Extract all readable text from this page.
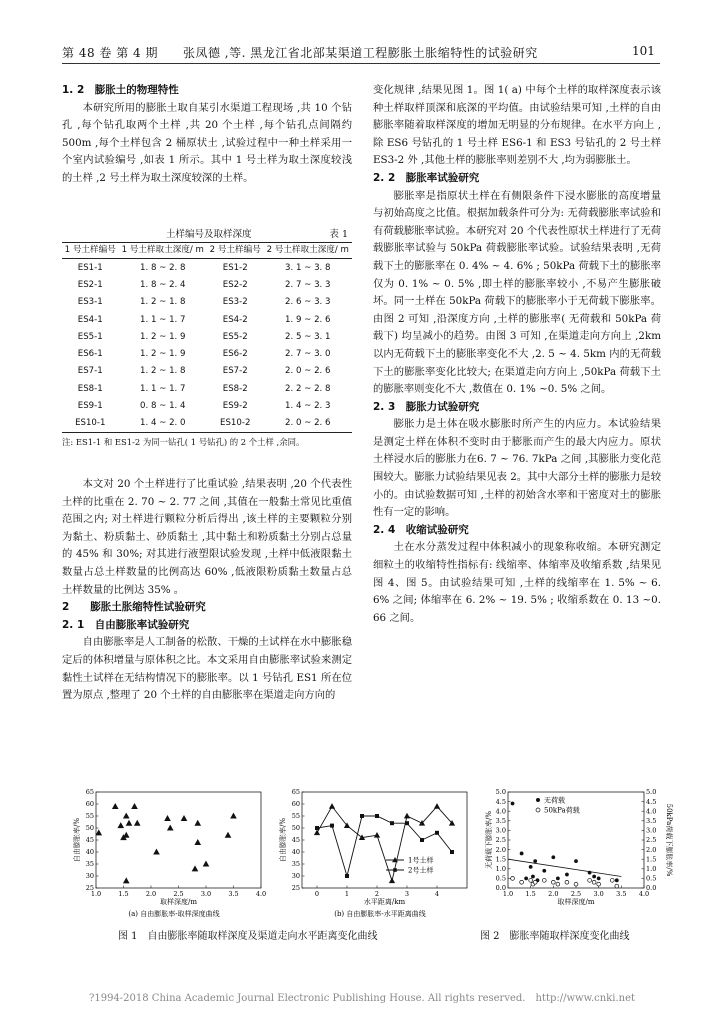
第 48 卷 第 4 期　　张凤德 ,等. 黑龙江省北部某渠道工程膨胀土胀缩特性的试验研究	101

1. 2　膨胀土的物理特性

本研究所用的膨胀土取自某引水渠道工程现场 ,共 10 个钻孔 ,每个钻孔取两个土样 ,共 20 个土样 ,每个钻孔点间隔约 500m ,每个土样包含 2 桶原状土 ,试验过程中一种土样采用一个室内试验编号 ,如表 1 所示。其中 1 号土样为取土深度较浅的土样 ,2 号土样为取土深度较深的土样。

土样编号及取样深度	表 1
1 号土样编号	1 号土样取土深度/ m	2 号土样编号	2 号土样取土深度/ m
ES1-1	1. 8 ~ 2. 8	ES1-2	3. 1 ~ 3. 8
ES2-1	1. 8 ~ 2. 4	ES2-2	2. 7 ~ 3. 3
ES3-1	1. 2 ~ 1. 8	ES3-2	2. 6 ~ 3. 3
ES4-1	1. 1 ~ 1. 7	ES4-2	1. 9 ~ 2. 6
ES5-1	1. 2 ~ 1. 9	ES5-2	2. 5 ~ 3. 1
ES6-1	1. 2 ~ 1. 9	ES6-2	2. 7 ~ 3. 0
ES7-1	1. 2 ~ 1. 8	ES7-2	2. 0 ~ 2. 6
ES8-1	1. 1 ~ 1. 7	ES8-2	2. 2 ~ 2. 8
ES9-1	0. 8 ~ 1. 4	ES9-2	1. 4 ~ 2. 3
ES10-1	1. 4 ~ 2. 0	ES10-2	2. 0 ~ 2. 6
注: ES1-1 和 ES1-2 为同一钻孔( 1 号钻孔) 的 2 个土样 ,余同。

本文对 20 个土样进行了比重试验 ,结果表明 ,20 个代表性土样的比重在 2. 70 ~ 2. 77 之间 ,其值在一般黏土常见比重值范围之内; 对土样进行颗粒分析后得出 ,该土样的主要颗粒分别为黏土、粉质黏土、砂质黏土 ,其中黏土和粉质黏土分别占总量的 45% 和 30%; 对其进行液塑限试验发现 ,土样中低液限黏土数量占总土样数量的比例高达 60% ,低液限粉质黏土数量占总土样数量的比例达 35% 。

2　　膨胀土胀缩特性试验研究

2. 1　自由膨胀率试验研究

自由膨胀率是人工制备的松散、干燥的土试样在水中膨胀稳定后的体积增量与原体积之比。本文采用自由膨胀率试验来测定黏性土试样在无结构情况下的膨胀率。以 1 号钻孔 ES1 所在位置为原点 ,整理了 20 个土样的自由膨胀率在渠道走向方向的

变化规律 ,结果见图 1。图 1( a) 中每个土样的取样深度表示该种土样取样顶深和底深的平均值。由试验结果可知 ,土样的自由膨胀率随着取样深度的增加无明显的分布规律。在水平方向上 ,除 ES6 号钻孔的 1 号土样 ES6-1 和 ES3 号钻孔的 2 号土样 ES3-2 外 ,其他土样的膨胀率则差别不大 ,均为弱膨胀土。

2. 2　膨胀率试验研究

膨胀率是指原状土样在有侧限条件下浸水膨胀的高度增量与初始高度之比值。根据加载条件可分为: 无荷载膨胀率试验和有荷载膨胀率试验。本研究对 20 个代表性原状土样进行了无荷载膨胀率试验与 50kPa 荷载膨胀率试验。试验结果表明 ,无荷载下土的膨胀率在 0. 4% ~ 4. 6% ; 50kPa 荷载下土的膨胀率仅为 0. 1% ~ 0. 5% ,即土样的膨胀率较小 ,不易产生膨胀破坏。同一土样在 50kPa 荷载下的膨胀率小于无荷载下膨胀率。由图 2 可知 ,沿深度方向 ,土样的膨胀率( 无荷载和 50kPa 荷载下) 均呈减小的趋势。由图 3 可知 ,在渠道走向方向上 ,2km 以内无荷载下土的膨胀率变化不大 ,2. 5 ~ 4. 5km 内的无荷载下土的膨胀率变化比较大; 在渠道走向方向上 ,50kPa 荷载下土的膨胀率则变化不大 ,数值在 0. 1% ~0. 5% 之间。

2. 3　膨胀力试验研究

膨胀力是土体在吸水膨胀时所产生的内应力。本试验结果是测定土样在体积不变时由于膨胀而产生的最大内应力。原状土样浸水后的膨胀力在6. 7 ~ 76. 7kPa 之间 ,其膨胀力变化范围较大。膨胀力试验结果见表 2。其中大部分土样的膨胀力是较小的。由试验数据可知 ,土样的初始含水率和干密度对土的膨胀性有一定的影响。

2. 4　收缩试验研究

土在水分蒸发过程中体积减小的现象称收缩。本研究测定细粒土的收缩特性指标有: 线缩率、体缩率及收缩系数 ,结果见图 4、图 5。由试验结果可知 ,土样的线缩率在 1. 5% ~ 6. 6% 之间; 体缩率在 6. 2% ~ 19. 5% ; 收缩系数在 0. 13 ~0. 66 之间。

(a) 自由膨胀率-取样深度曲线
1.0	1.5	2.0	2.5	3.0	3.5	4.0
25
30
35
40
45
50
55
60
65
取样深度/m
自由膨胀率/%
(b) 自由膨胀率-水平距离曲线
0	1	2	3	4
25
30
35
40
45
50
55
60
65
水平距离/km
自由膨胀率/%	1号土样
2号土样
1.0 1.5 2.0 2.5 3.0 3.5 4.0
0.0
0.5
1.0
1.5
2.0
2.5
3.0
3.5
4.0
4.5
5.0
取样深度/m
无荷载下膨胀率/%
0.0
0.5
1.0
1.5
2.0
2.5
3.0
3.5
4.0
4.5
5.0
50kPa荷载下膨胀率/%
无荷载
50kPa荷载
图 1　自由膨胀率随取样深度及渠道走向水平距离变化曲线	图 2　膨胀率随取样深度变化曲线
?1994-2018 China Academic Journal Electronic Publishing House. All rights reserved.　http://www.cnki.net
